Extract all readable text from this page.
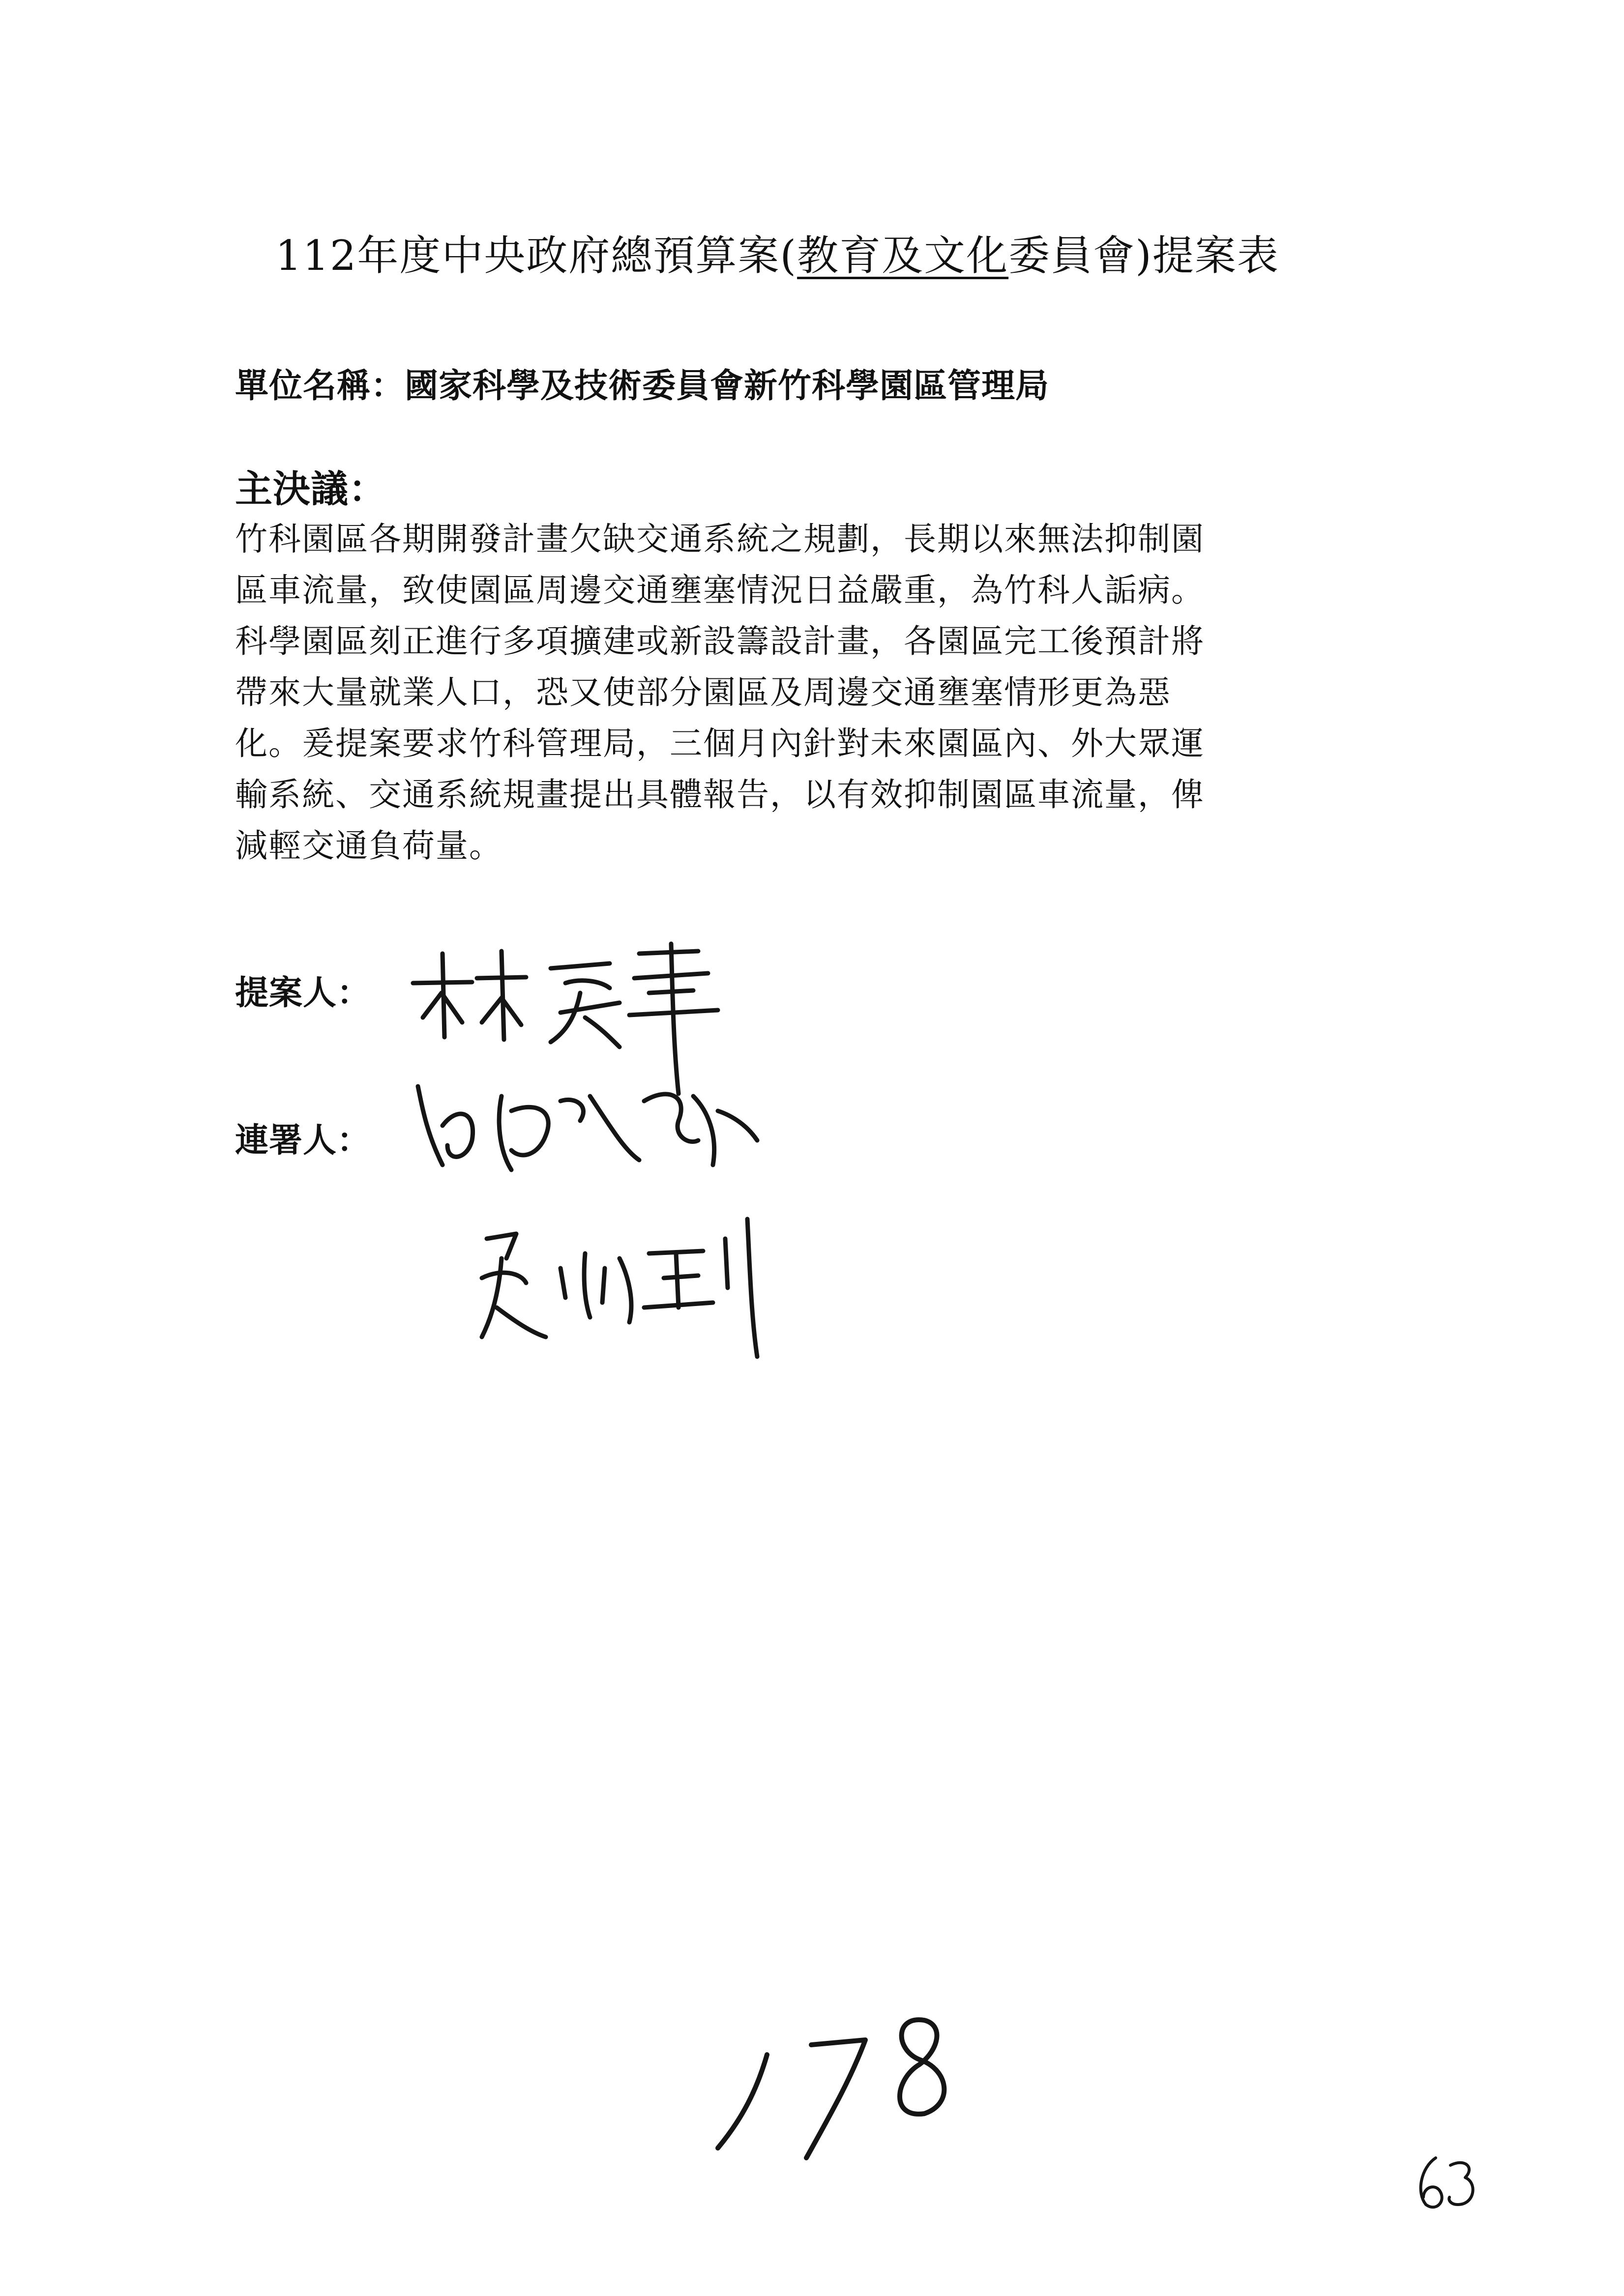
112年度中央政府總預算案(教育及文化委員會)提案表
單位名稱：國家科學及技術委員會新竹科學園區管理局
主決議：
竹科園區各期開發計畫欠缺交通系統之規劃，長期以來無法抑制園
區車流量，致使園區周邊交通壅塞情況日益嚴重，為竹科人詬病。
科學園區刻正進行多項擴建或新設籌設計畫，各園區完工後預計將
帶來大量就業人口，恐又使部分園區及周邊交通壅塞情形更為惡
化。爰提案要求竹科管理局，三個月內針對未來園區內、外大眾運
輸系統、交通系統規畫提出具體報告，以有效抑制園區車流量，俾
減輕交通負荷量。
提案人：
連署人：
